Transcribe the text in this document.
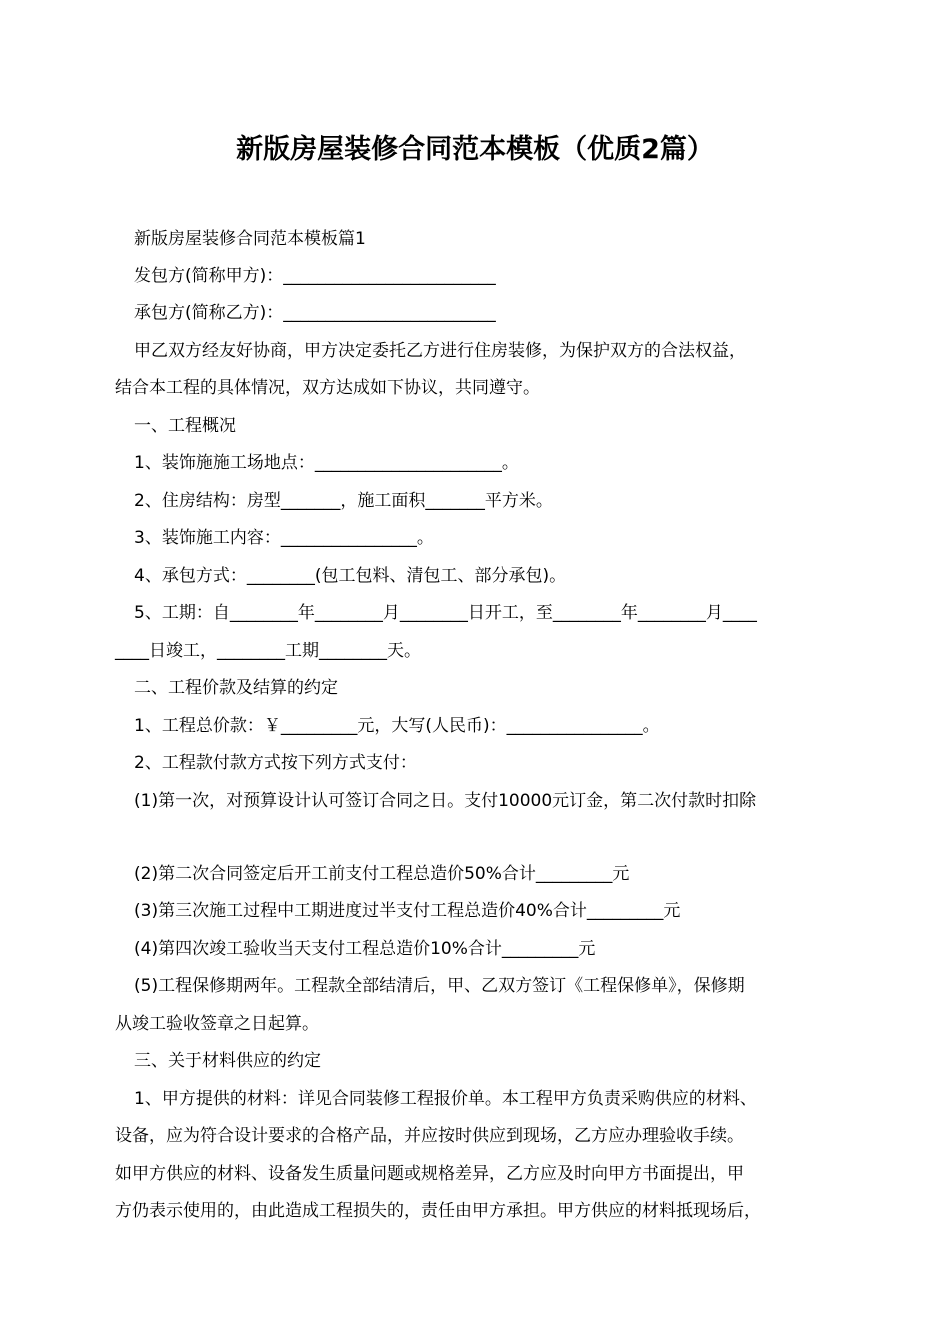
新版房屋装修合同范本模板（优质2篇）
新版房屋装修合同范本模板篇1
发包方(简称甲方)：_________________________
承包方(简称乙方)：_________________________
甲乙双方经友好协商，甲方决定委托乙方进行住房装修，为保护双方的合法权益，
结合本工程的具体情况，双方达成如下协议，共同遵守。
一、工程概况
1、装饰施施工场地点：______________________。
2、住房结构：房型_______，施工面积_______平方米。
3、装饰施工内容：________________。
4、承包方式：________(包工包料、清包工、部分承包)。
5、工期：自________年________月________日开工，至________年________月____
____日竣工，________工期________天。
二、工程价款及结算的约定
1、工程总价款：￥_________元，大写(人民币)：________________。
2、工程款付款方式按下列方式支付：
(1)第一次，对预算设计认可签订合同之日。支付10000元订金，第二次付款时扣除
(2)第二次合同签定后开工前支付工程总造价50%合计_________元
(3)第三次施工过程中工期进度过半支付工程总造价40%合计_________元
(4)第四次竣工验收当天支付工程总造价10%合计_________元
(5)工程保修期两年。工程款全部结清后，甲、乙双方签订《工程保修单》，保修期
从竣工验收签章之日起算。
三、关于材料供应的约定
1、甲方提供的材料：详见合同装修工程报价单。本工程甲方负责采购供应的材料、
设备，应为符合设计要求的合格产品，并应按时供应到现场，乙方应办理验收手续。
如甲方供应的材料、设备发生质量问题或规格差异，乙方应及时向甲方书面提出，甲
方仍表示使用的，由此造成工程损失的，责任由甲方承担。甲方供应的材料抵现场后，
